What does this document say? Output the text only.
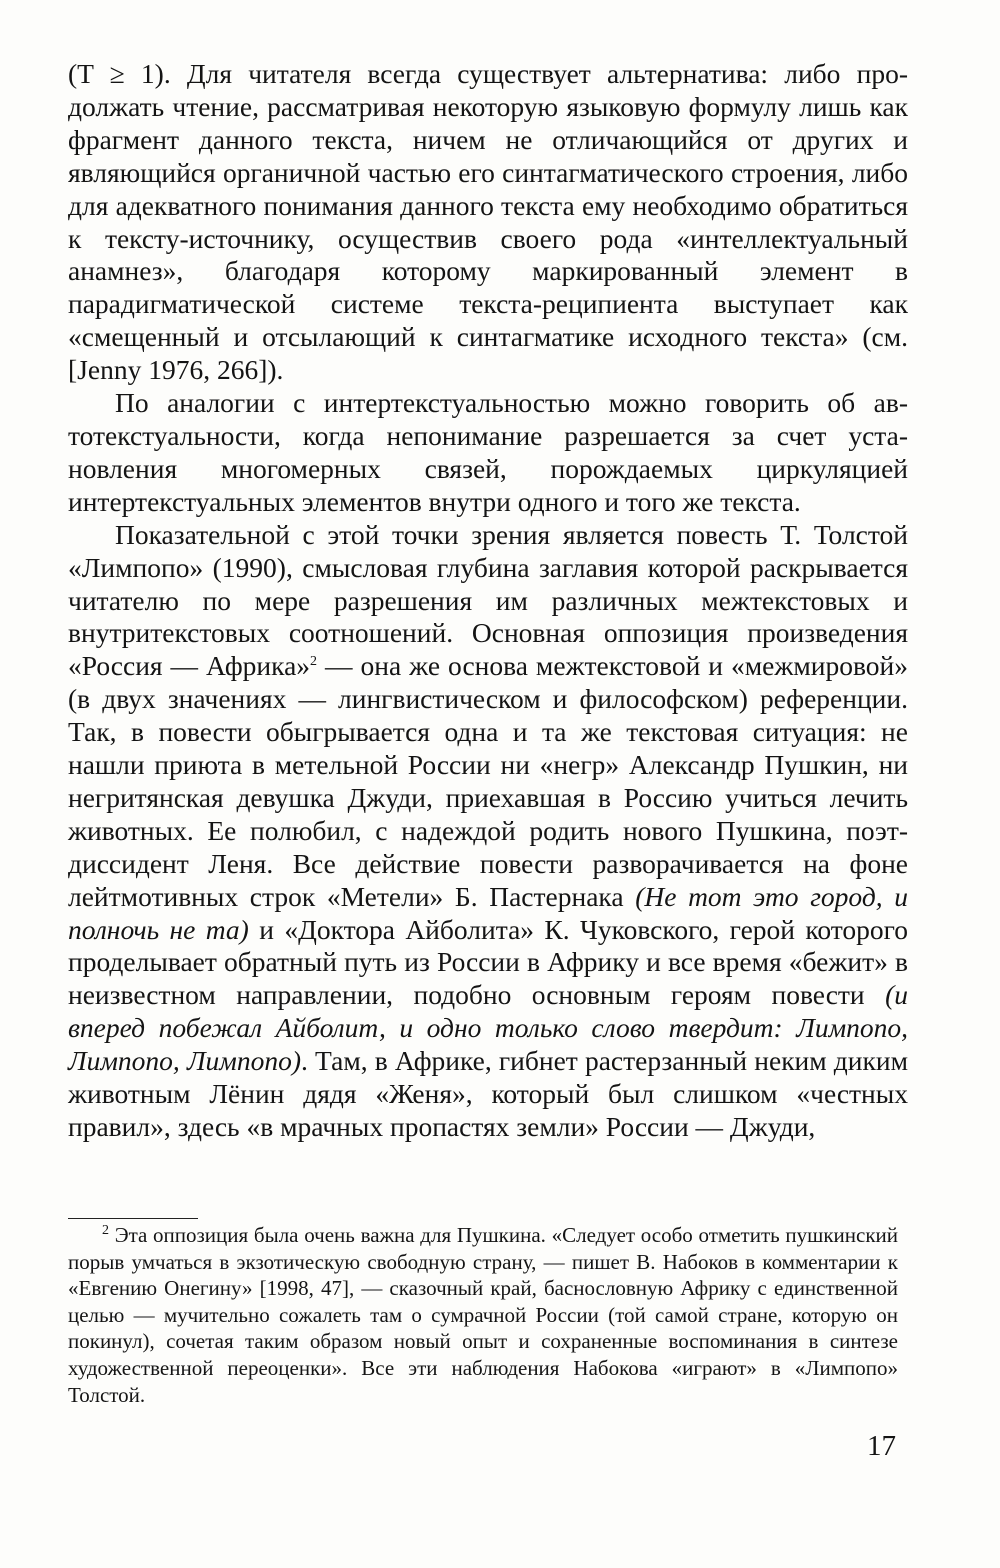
(T ≥ 1). Для читателя всегда существует альтернатива: либо продолжать чтение, рассматривая некоторую языковую формулу лишь как фрагмент данного текста, ничем не отличающийся от других и являющийся органичной частью его синтагматического строения, либо для адекватного понимания данного текста ему необходимо обратиться к тексту-источнику, осуществив своего рода «интеллектуальный анамнез», благодаря которому маркированный элемент в парадигматической системе текста-реципиента выступает как «смещенный и отсылающий к синтагматике исходного текста» (см. [Jenny 1976, 266]).

По аналогии с интертекстуальностью можно говорить об автотекстуальности, когда непонимание разрешается за счет установления многомерных связей, порождаемых циркуляцией интертекстуальных элементов внутри одного и того же текста.

Показательной с этой точки зрения является повесть Т. Толстой «Лимпопо» (1990), смысловая глубина заглавия которой раскрывается читателю по мере разрешения им различных межтекстовых и внутритекстовых соотношений. Основная оппозиция произведения «Россия — Африка»$^2$ — она же основа межтекстовой и «межмировой» (в двух значениях — лингвистическом и философском) референции. Так, в повести обыгрывается одна и та же текстовая ситуация: не нашли приюта в метельной России ни «негр» Александр Пушкин, ни негритянская девушка Джуди, приехавшая в Россию учиться лечить животных. Ее полюбил, с надеждой родить нового Пушкина, поэт-диссидент Леня. Все действие повести разворачивается на фоне лейтмотивных строк «Метели» Б. Пастернака (Не тот это город, и полночь не та) и «Доктора Айболита» К. Чуковского, герой которого проделывает обратный путь из России в Африку и все время «бежит» в неизвестном направлении, подобно основным героям повести (и вперед побежал Айболит, и одно только слово твердит: Лимпопо, Лимпопо, Лимпопо). Там, в Африке, гибнет растерзанный неким диким животным Лёнин дядя «Женя», который был слишком «честных правил», здесь «в мрачных пропастях земли» России — Джуди,

$^2$ Эта оппозиция была очень важна для Пушкина. «Следует особо отметить пушкинский порыв умчаться в экзотическую свободную страну, — пишет В. Набоков в комментарии к «Евгению Онегину» [1998, 47], — сказочный край, баснословную Африку с единственной целью — мучительно сожалеть там о сумрачной России (той самой стране, которую он покинул), сочетая таким образом новый опыт и сохраненные воспоминания в синтезе художественной переоценки». Все эти наблюдения Набокова «играют» в «Лимпопо» Толстой.

17
